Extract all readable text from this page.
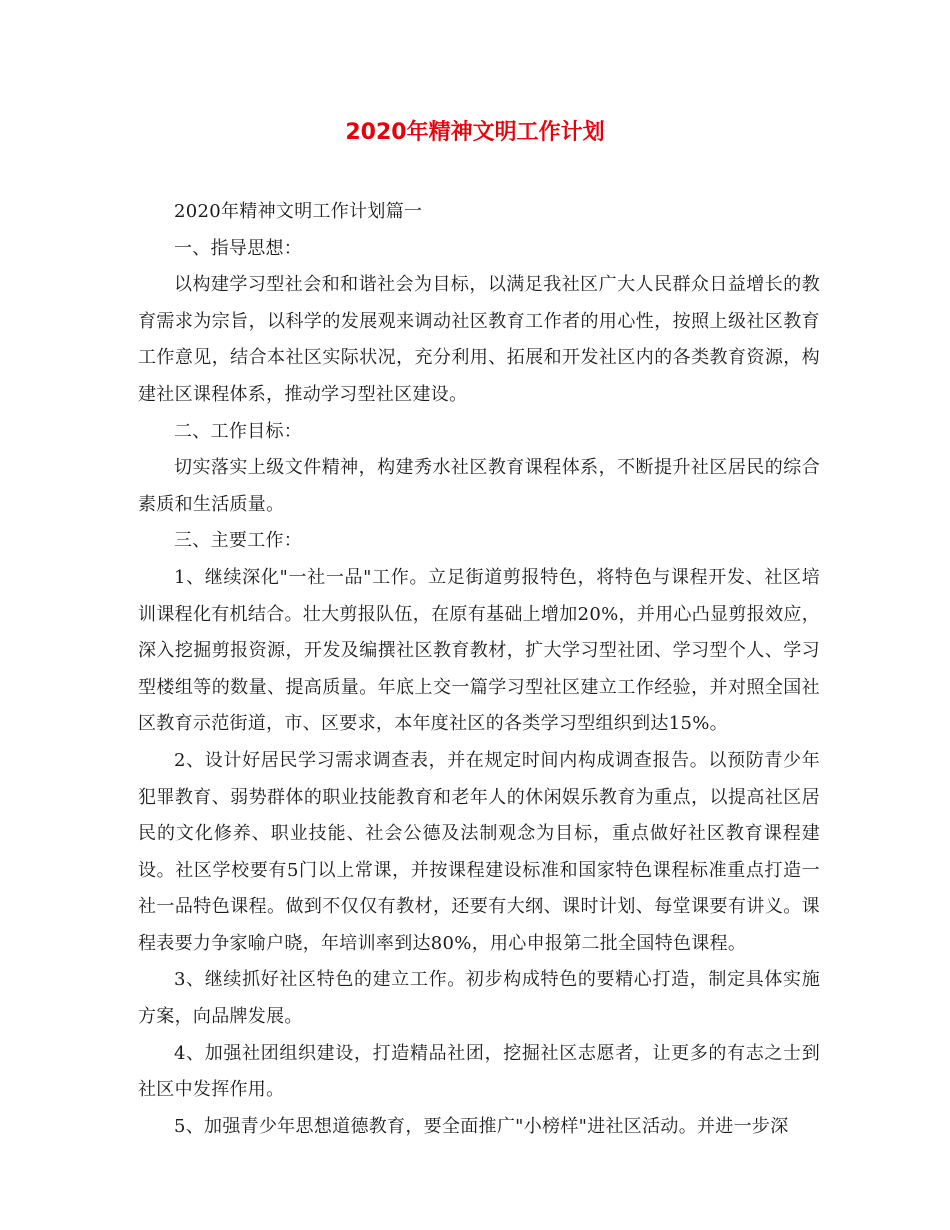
2020年精神文明工作计划

2020年精神文明工作计划篇一

一、指导思想：

以构建学习型社会和和谐社会为目标，以满足我社区广大人民群众日益增长的教育需求为宗旨，以科学的发展观来调动社区教育工作者的用心性，按照上级社区教育工作意见，结合本社区实际状况，充分利用、拓展和开发社区内的各类教育资源，构建社区课程体系，推动学习型社区建设。

二、工作目标：

切实落实上级文件精神，构建秀水社区教育课程体系，不断提升社区居民的综合素质和生活质量。

三、主要工作：

1、继续深化"一社一品"工作。立足街道剪报特色，将特色与课程开发、社区培训课程化有机结合。壮大剪报队伍，在原有基础上增加20%，并用心凸显剪报效应，深入挖掘剪报资源，开发及编撰社区教育教材，扩大学习型社团、学习型个人、学习型楼组等的数量、提高质量。年底上交一篇学习型社区建立工作经验，并对照全国社区教育示范街道，市、区要求，本年度社区的各类学习型组织到达15%。

2、设计好居民学习需求调查表，并在规定时间内构成调查报告。以预防青少年犯罪教育、弱势群体的职业技能教育和老年人的休闲娱乐教育为重点，以提高社区居民的文化修养、职业技能、社会公德及法制观念为目标，重点做好社区教育课程建设。社区学校要有5门以上常课，并按课程建设标准和国家特色课程标准重点打造一社一品特色课程。做到不仅仅有教材，还要有大纲、课时计划、每堂课要有讲义。课程表要力争家喻户晓，年培训率到达80%，用心申报第二批全国特色课程。

3、继续抓好社区特色的建立工作。初步构成特色的要精心打造，制定具体实施方案，向品牌发展。

4、加强社团组织建设，打造精品社团，挖掘社区志愿者，让更多的有志之士到社区中发挥作用。

5、加强青少年思想道德教育，要全面推广"小榜样"进社区活动。并进一步深
